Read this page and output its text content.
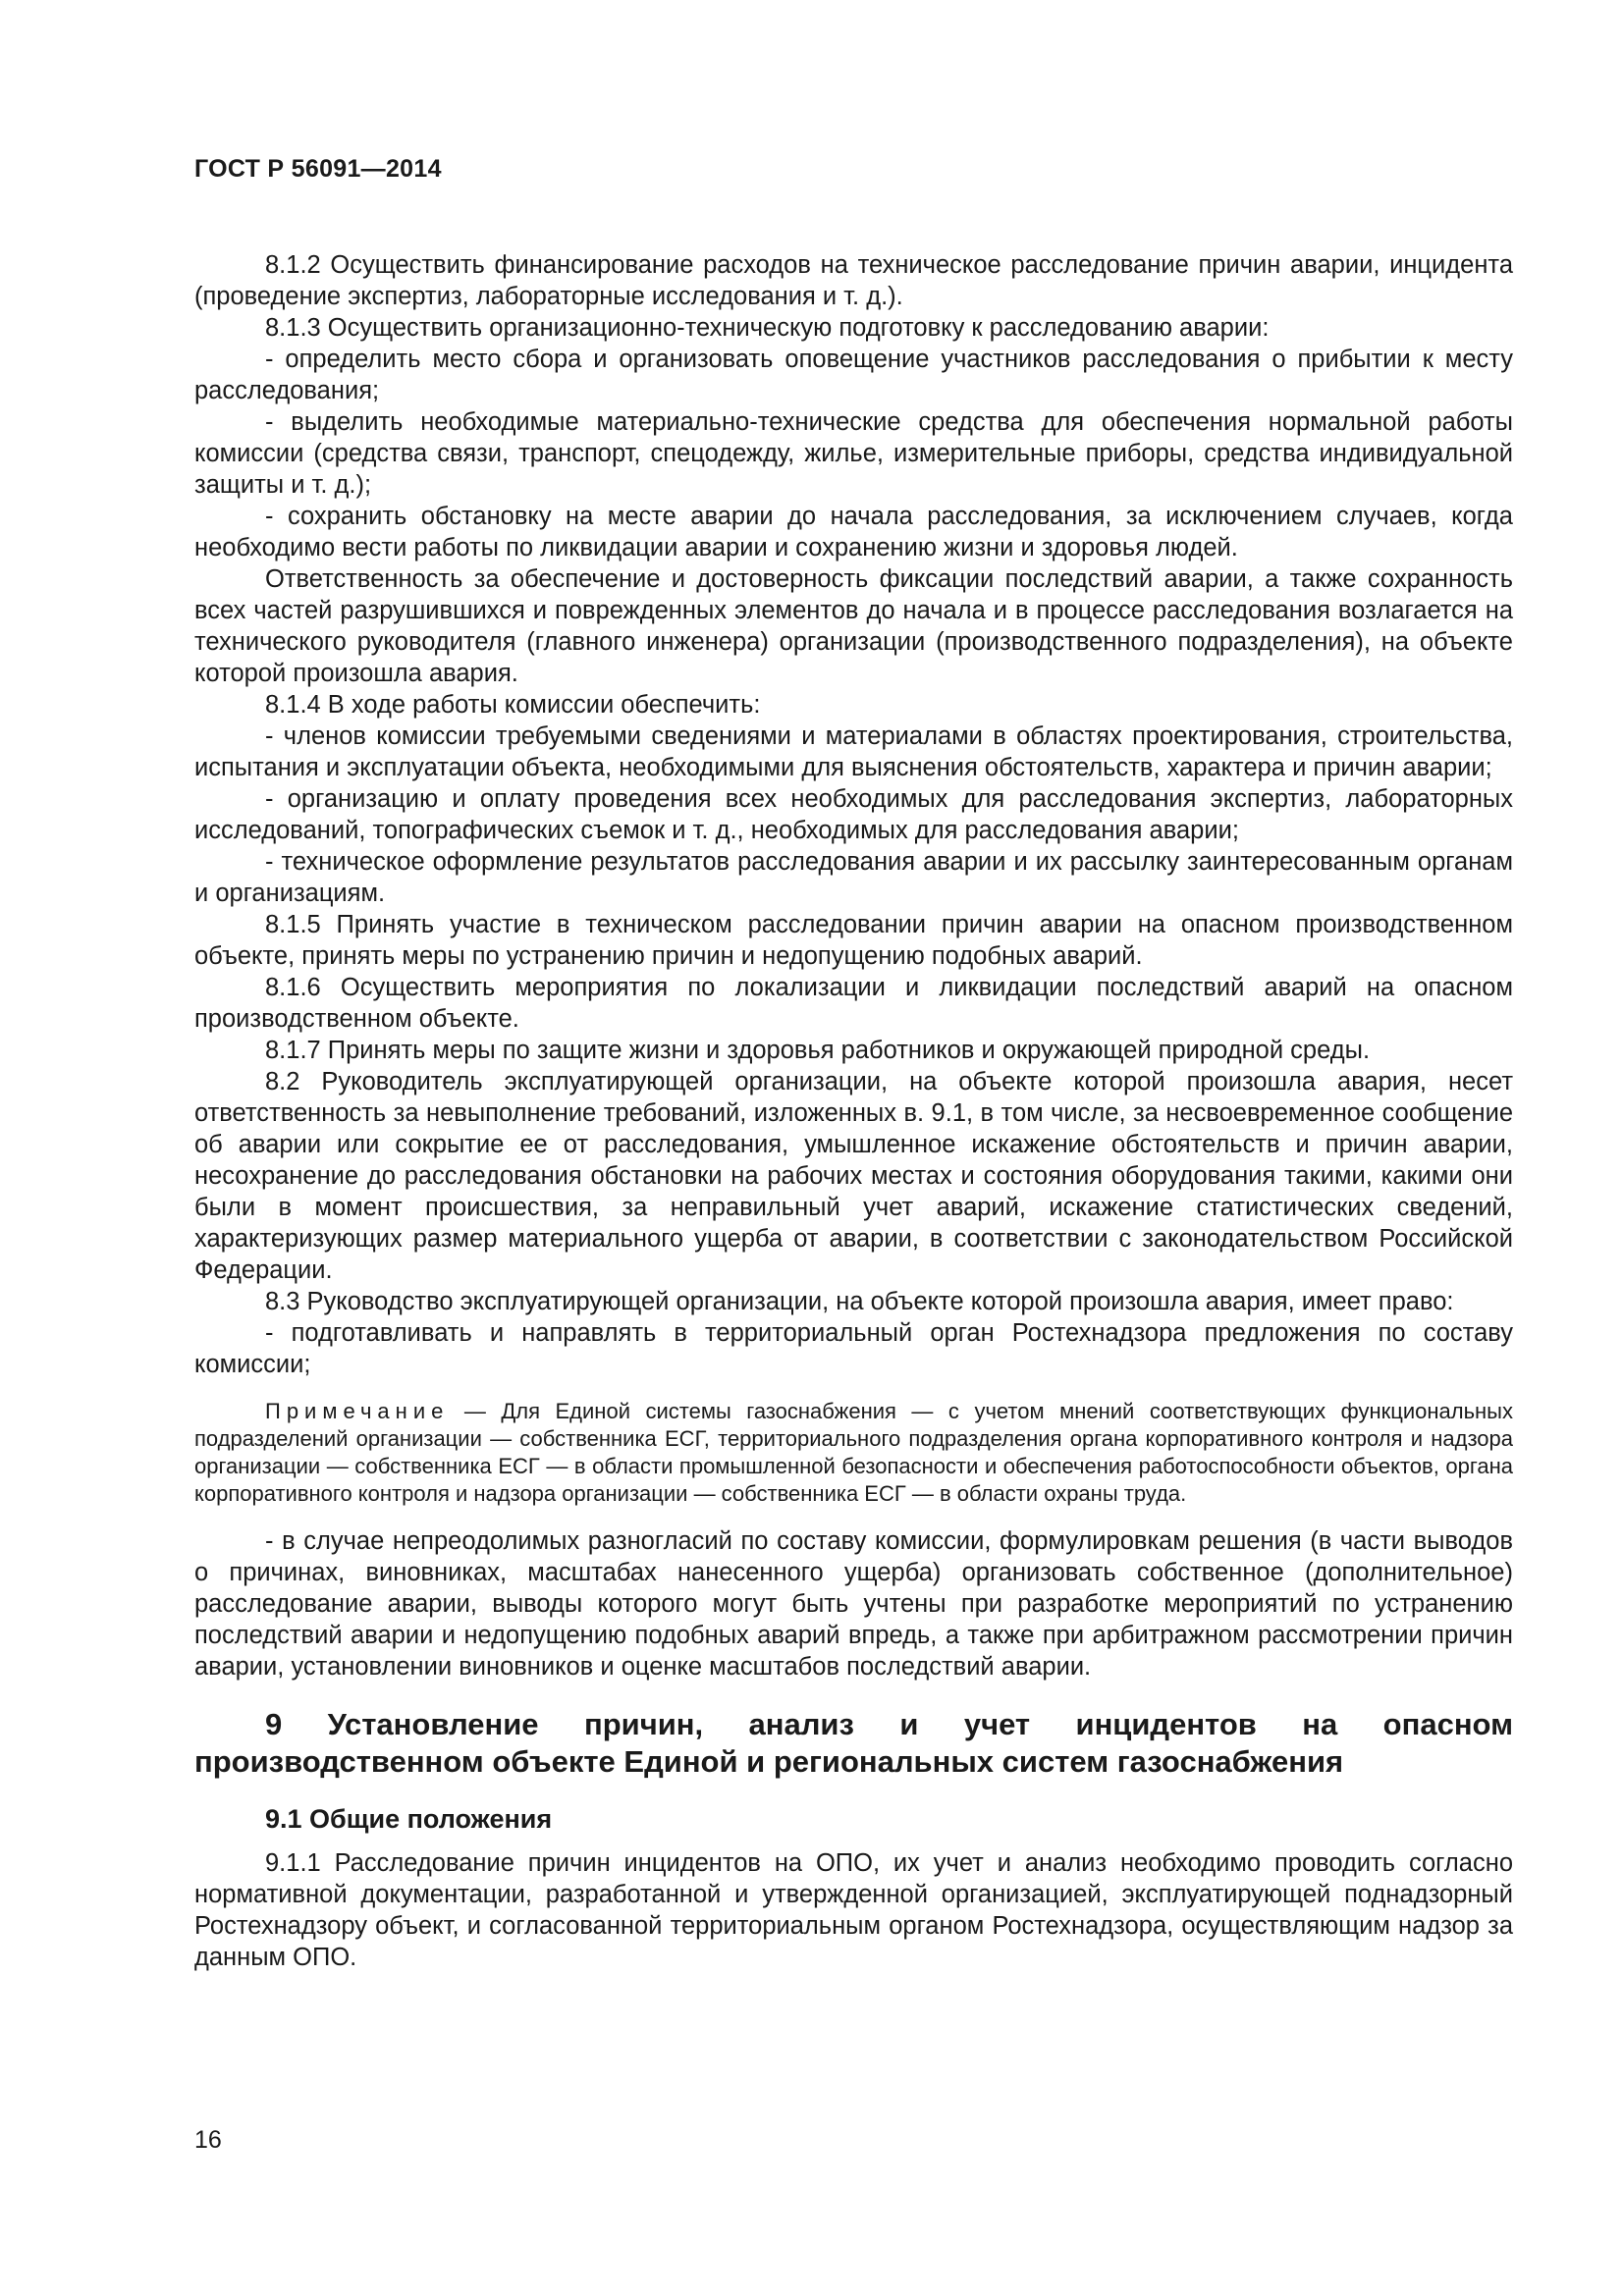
ГОСТ Р 56091—2014

8.1.2 Осуществить финансирование расходов на техническое расследование причин аварии, инцидента (проведение экспертиз, лабораторные исследования и т. д.).

8.1.3 Осуществить организационно-техническую подготовку к расследованию аварии:

- определить место сбора и организовать оповещение участников расследования о прибытии к месту расследования;

- выделить необходимые материально-технические средства для обеспечения нормальной работы комиссии (средства связи, транспорт, спецодежду, жилье, измерительные приборы, средства индивидуальной защиты и т. д.);

- сохранить обстановку на месте аварии до начала расследования, за исключением случаев, когда необходимо вести работы по ликвидации аварии и сохранению жизни и здоровья людей.

Ответственность за обеспечение и достоверность фиксации последствий аварии, а также сохранность всех частей разрушившихся и поврежденных элементов до начала и в процессе расследования возлагается на технического руководителя (главного инженера) организации (производственного подразделения), на объекте которой произошла авария.

8.1.4 В ходе работы комиссии обеспечить:

- членов комиссии требуемыми сведениями и материалами в областях проектирования, строительства, испытания и эксплуатации объекта, необходимыми для выяснения обстоятельств, характера и причин аварии;

- организацию и оплату проведения всех необходимых для расследования экспертиз, лабораторных исследований, топографических съемок и т. д., необходимых для расследования аварии;

- техническое оформление результатов расследования аварии и их рассылку заинтересованным органам и организациям.

8.1.5 Принять участие в техническом расследовании причин аварии на опасном производственном объекте, принять меры по устранению причин и недопущению подобных аварий.

8.1.6 Осуществить мероприятия по локализации и ликвидации последствий аварий на опасном производственном объекте.

8.1.7 Принять меры по защите жизни и здоровья работников и окружающей природной среды.

8.2 Руководитель эксплуатирующей организации, на объекте которой произошла авария, несет ответственность за невыполнение требований, изложенных в. 9.1, в том числе, за несвоевременное сообщение об аварии или сокрытие ее от расследования, умышленное искажение обстоятельств и причин аварии, несохранение до расследования обстановки на рабочих местах и состояния оборудования такими, какими они были в момент происшествия, за неправильный учет аварий, искажение статистических сведений, характеризующих размер материального ущерба от аварии, в соответствии с законодательством Российской Федерации.

8.3 Руководство эксплуатирующей организации, на объекте которой произошла авария, имеет право:

- подготавливать и направлять в территориальный орган Ростехнадзора предложения по составу комиссии;

Примечание — Для Единой системы газоснабжения — с учетом мнений соответствующих функциональных подразделений организации — собственника ЕСГ, территориального подразделения органа корпоративного контроля и надзора организации — собственника ЕСГ — в области промышленной безопасности и обеспечения работоспособности объектов, органа корпоративного контроля и надзора организации — собственника ЕСГ — в области охраны труда.

- в случае непреодолимых разногласий по составу комиссии, формулировкам решения (в части выводов о причинах, виновниках, масштабах нанесенного ущерба) организовать собственное (дополнительное) расследование аварии, выводы которого могут быть учтены при разработке мероприятий по устранению последствий аварии и недопущению подобных аварий впредь, а также при арбитражном рассмотрении причин аварии, установлении виновников и оценке масштабов последствий аварии.

9 Установление причин, анализ и учет инцидентов на опасном производственном объекте Единой и региональных систем газоснабжения
9.1 Общие положения

9.1.1 Расследование причин инцидентов на ОПО, их учет и анализ необходимо проводить согласно нормативной документации, разработанной и утвержденной организацией, эксплуатирующей поднадзорный Ростехнадзору объект, и согласованной территориальным органом Ростехнадзора, осуществляющим надзор за данным ОПО.

16
